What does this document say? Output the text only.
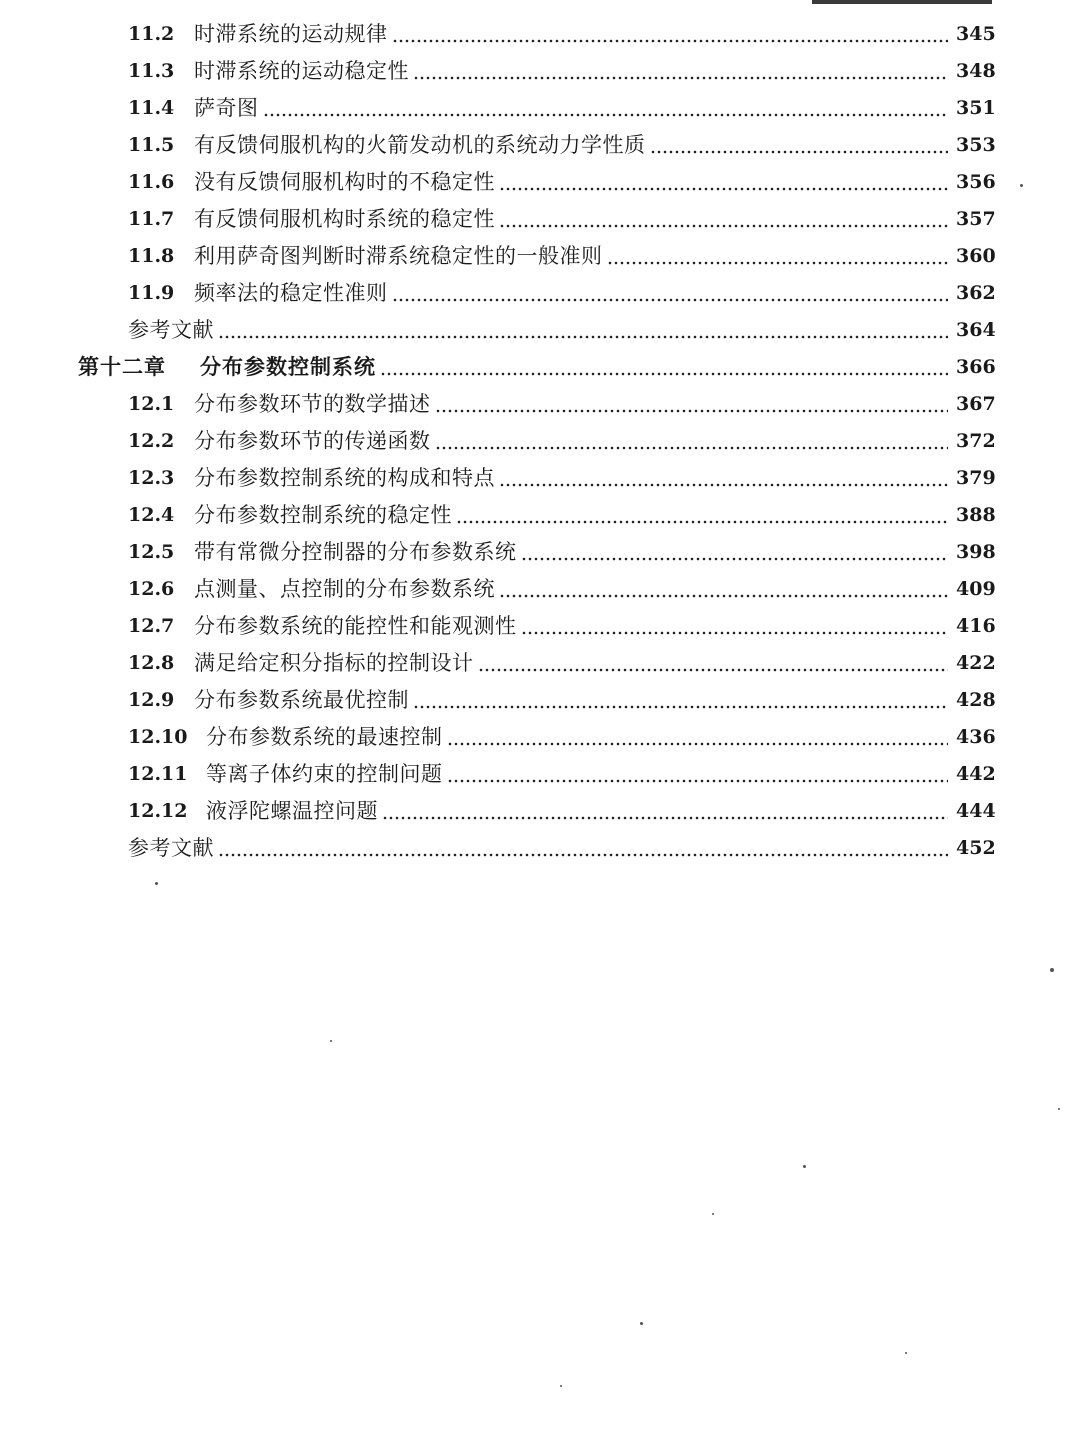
11.2 时滞系统的运动规律	345
11.3 时滞系统的运动稳定性	348
11.4 萨奇图	351
11.5 有反馈伺服机构的火箭发动机的系统动力学性质	353
11.6 没有反馈伺服机构时的不稳定性	356
11.7 有反馈伺服机构时系统的稳定性	357
11.8 利用萨奇图判断时滞系统稳定性的一般准则	360
11.9 频率法的稳定性准则	362
参考文献	364
第十二章	分布参数控制系统	366
12.1 分布参数环节的数学描述	367
12.2 分布参数环节的传递函数	372
12.3 分布参数控制系统的构成和特点	379
12.4 分布参数控制系统的稳定性	388
12.5 带有常微分控制器的分布参数系统	398
12.6 点测量、点控制的分布参数系统	409
12.7 分布参数系统的能控性和能观测性	416
12.8 满足给定积分指标的控制设计	422
12.9 分布参数系统最优控制	428
12.10 分布参数系统的最速控制	436
12.11 等离子体约束的控制问题	442
12.12 液浮陀螺温控问题	444
参考文献	452
